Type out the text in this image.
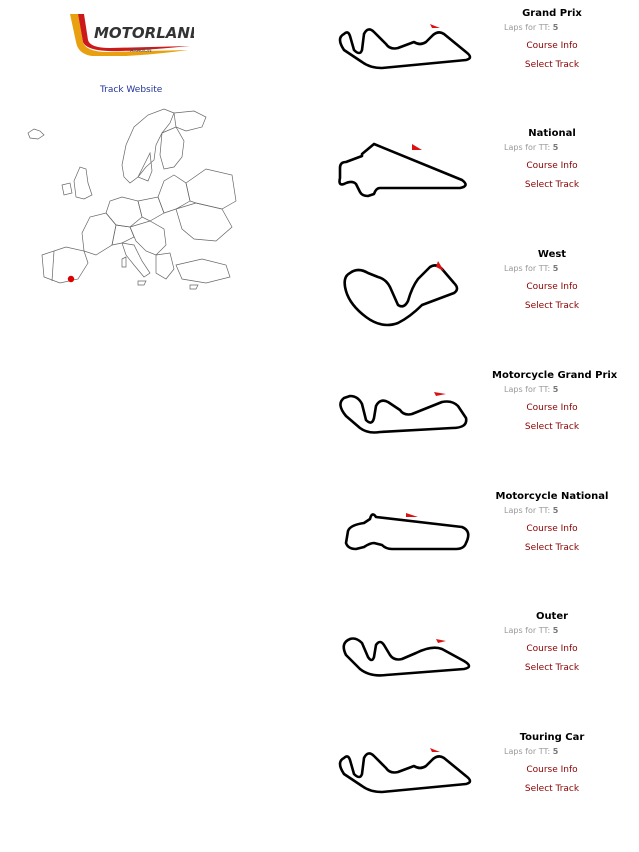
MOTORLAND
ARAGÓN
Track Website
Grand Prix
Laps for TT: 5
Course Info
Select Track
National
Laps for TT: 5
Course Info
Select Track
West
Laps for TT: 5
Course Info
Select Track
Motorcycle Grand Prix
Laps for TT: 5
Course Info
Select Track
Motorcycle National
Laps for TT: 5
Course Info
Select Track
Outer
Laps for TT: 5
Course Info
Select Track
Touring Car
Laps for TT: 5
Course Info
Select Track
